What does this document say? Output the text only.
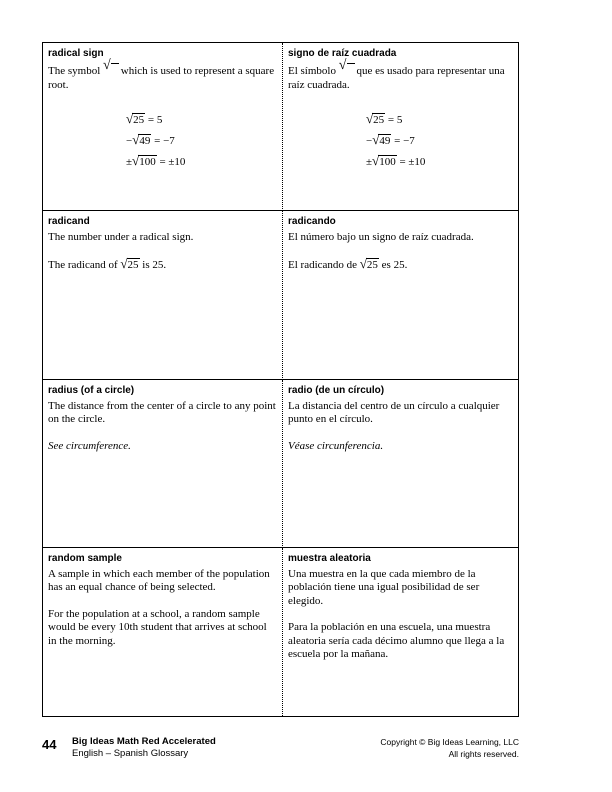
radical sign
The symbol √ which is used to represent a square root.
√25 = 5
−√49 = −7
±√100 = ±10
signo de raíz cuadrada
El símbolo √ que es usado para representar una raíz cuadrada.
√25 = 5
−√49 = −7
±√100 = ±10
radicand
The number under a radical sign.
The radicand of √25 is 25.
radicando
El número bajo un signo de raíz cuadrada.
El radicando de √25 es 25.
radius (of a circle)
The distance from the center of a circle to any point on the circle.
See circumference.
radio (de un círculo)
La distancia del centro de un círculo a cualquier punto en el círculo.
Véase circunferencia.
random sample
A sample in which each member of the population has an equal chance of being selected.
For the population at a school, a random sample would be every 10th student that arrives at school in the morning.
muestra aleatoria
Una muestra en la que cada miembro de la población tiene una igual posibilidad de ser elegido.
Para la población en una escuela, una muestra aleatoria sería cada décimo alumno que llega a la escuela por la mañana.
44 Big Ideas Math Red Accelerated
English – Spanish Glossary
Copyright © Big Ideas Learning, LLC
All rights reserved.
